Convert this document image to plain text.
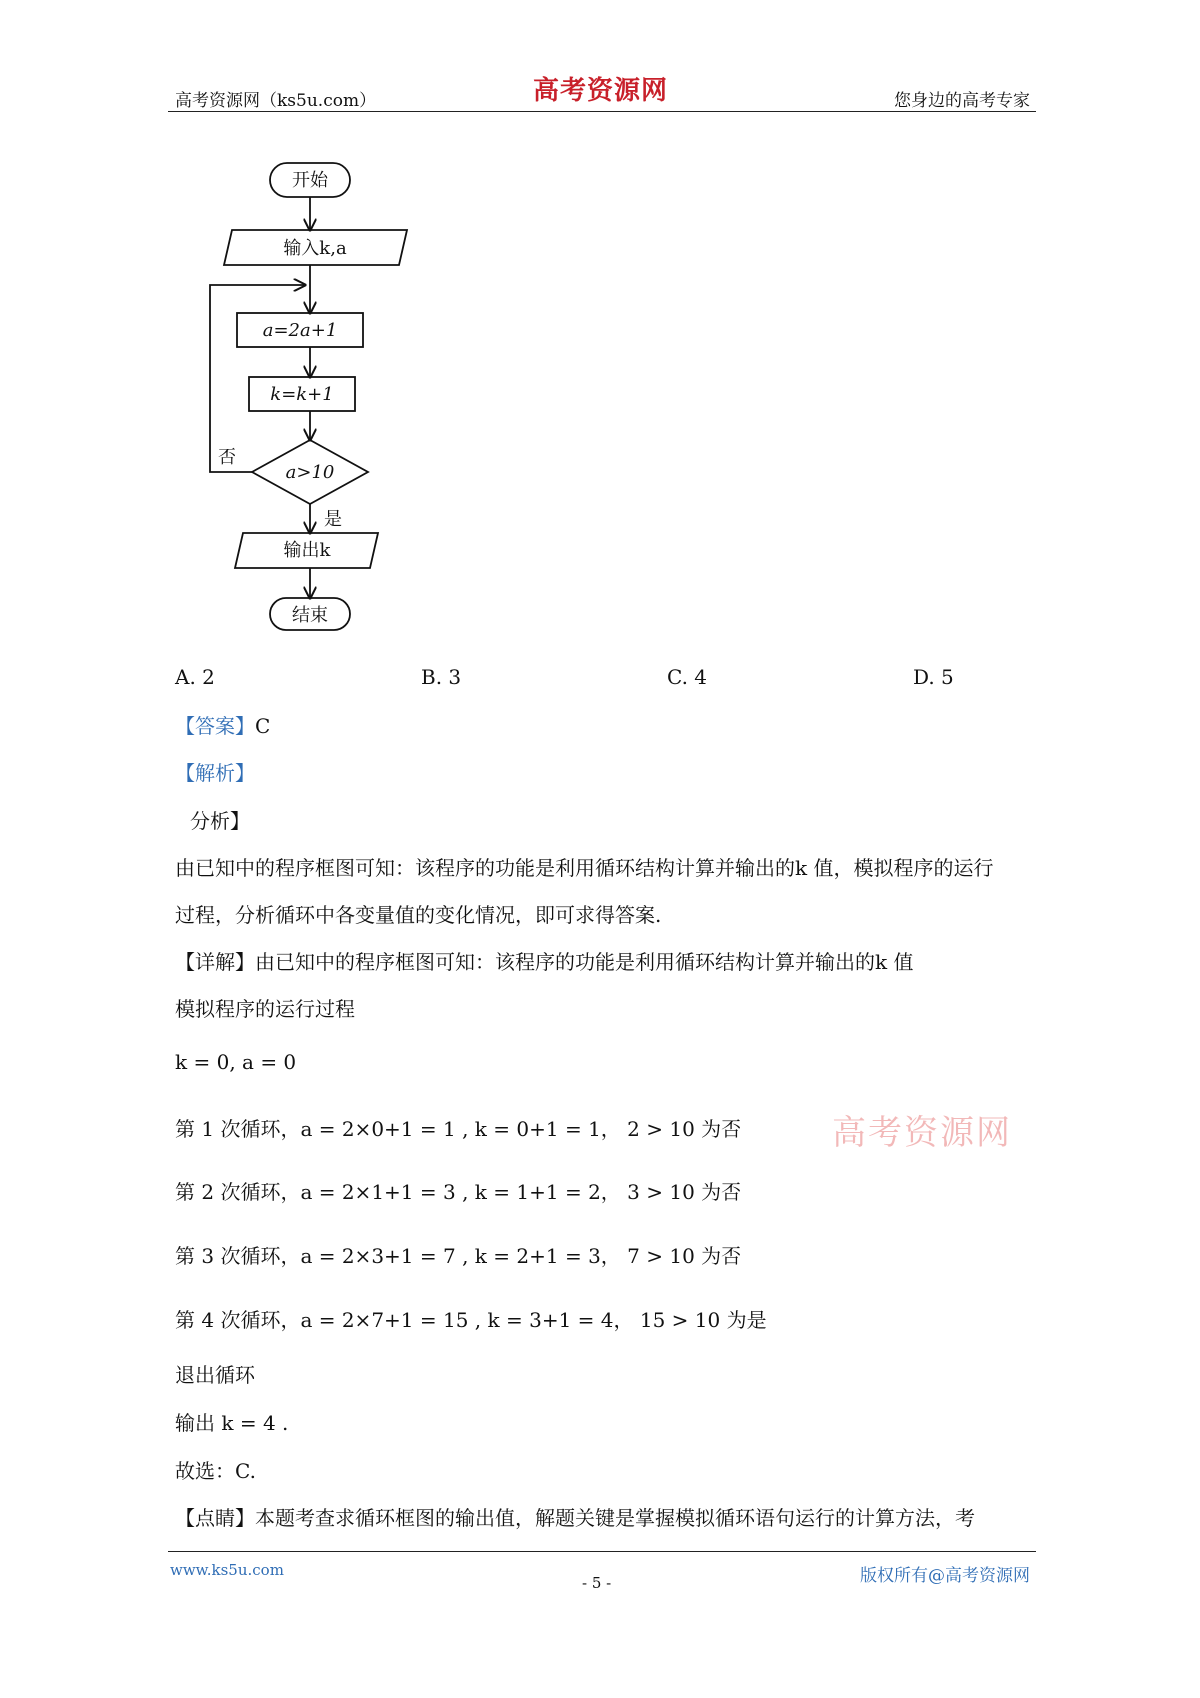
高考资源网（ks5u.com）	高考资源网	您身边的高考专家
开始
输入k,a
a=2a+1
k=k+1
a>10
否
是
输出k
结束
A. 2	B. 3	C. 4	D. 5
【答案】C
【解析】
分析】
由已知中的程序框图可知：该程序的功能是利用循环结构计算并输出的k 值，模拟程序的运行
过程，分析循环中各变量值的变化情况，即可求得答案.
【详解】由已知中的程序框图可知：该程序的功能是利用循环结构计算并输出的k 值
模拟程序的运行过程
k = 0, a = 0
第 1 次循环，a = 2×0+1 = 1 , k = 0+1 = 1， 2 > 10 为否
第 2 次循环，a = 2×1+1 = 3 , k = 1+1 = 2， 3 > 10 为否
第 3 次循环，a = 2×3+1 = 7 , k = 2+1 = 3， 7 > 10 为否
第 4 次循环，a = 2×7+1 = 15 , k = 3+1 = 4， 15 > 10 为是
退出循环
输出 k = 4 .
故选：C.
【点睛】本题考查求循环框图的输出值，解题关键是掌握模拟循环语句运行的计算方法，考
高考资源网
www.ks5u.com
- 5 -	版权所有@高考资源网
